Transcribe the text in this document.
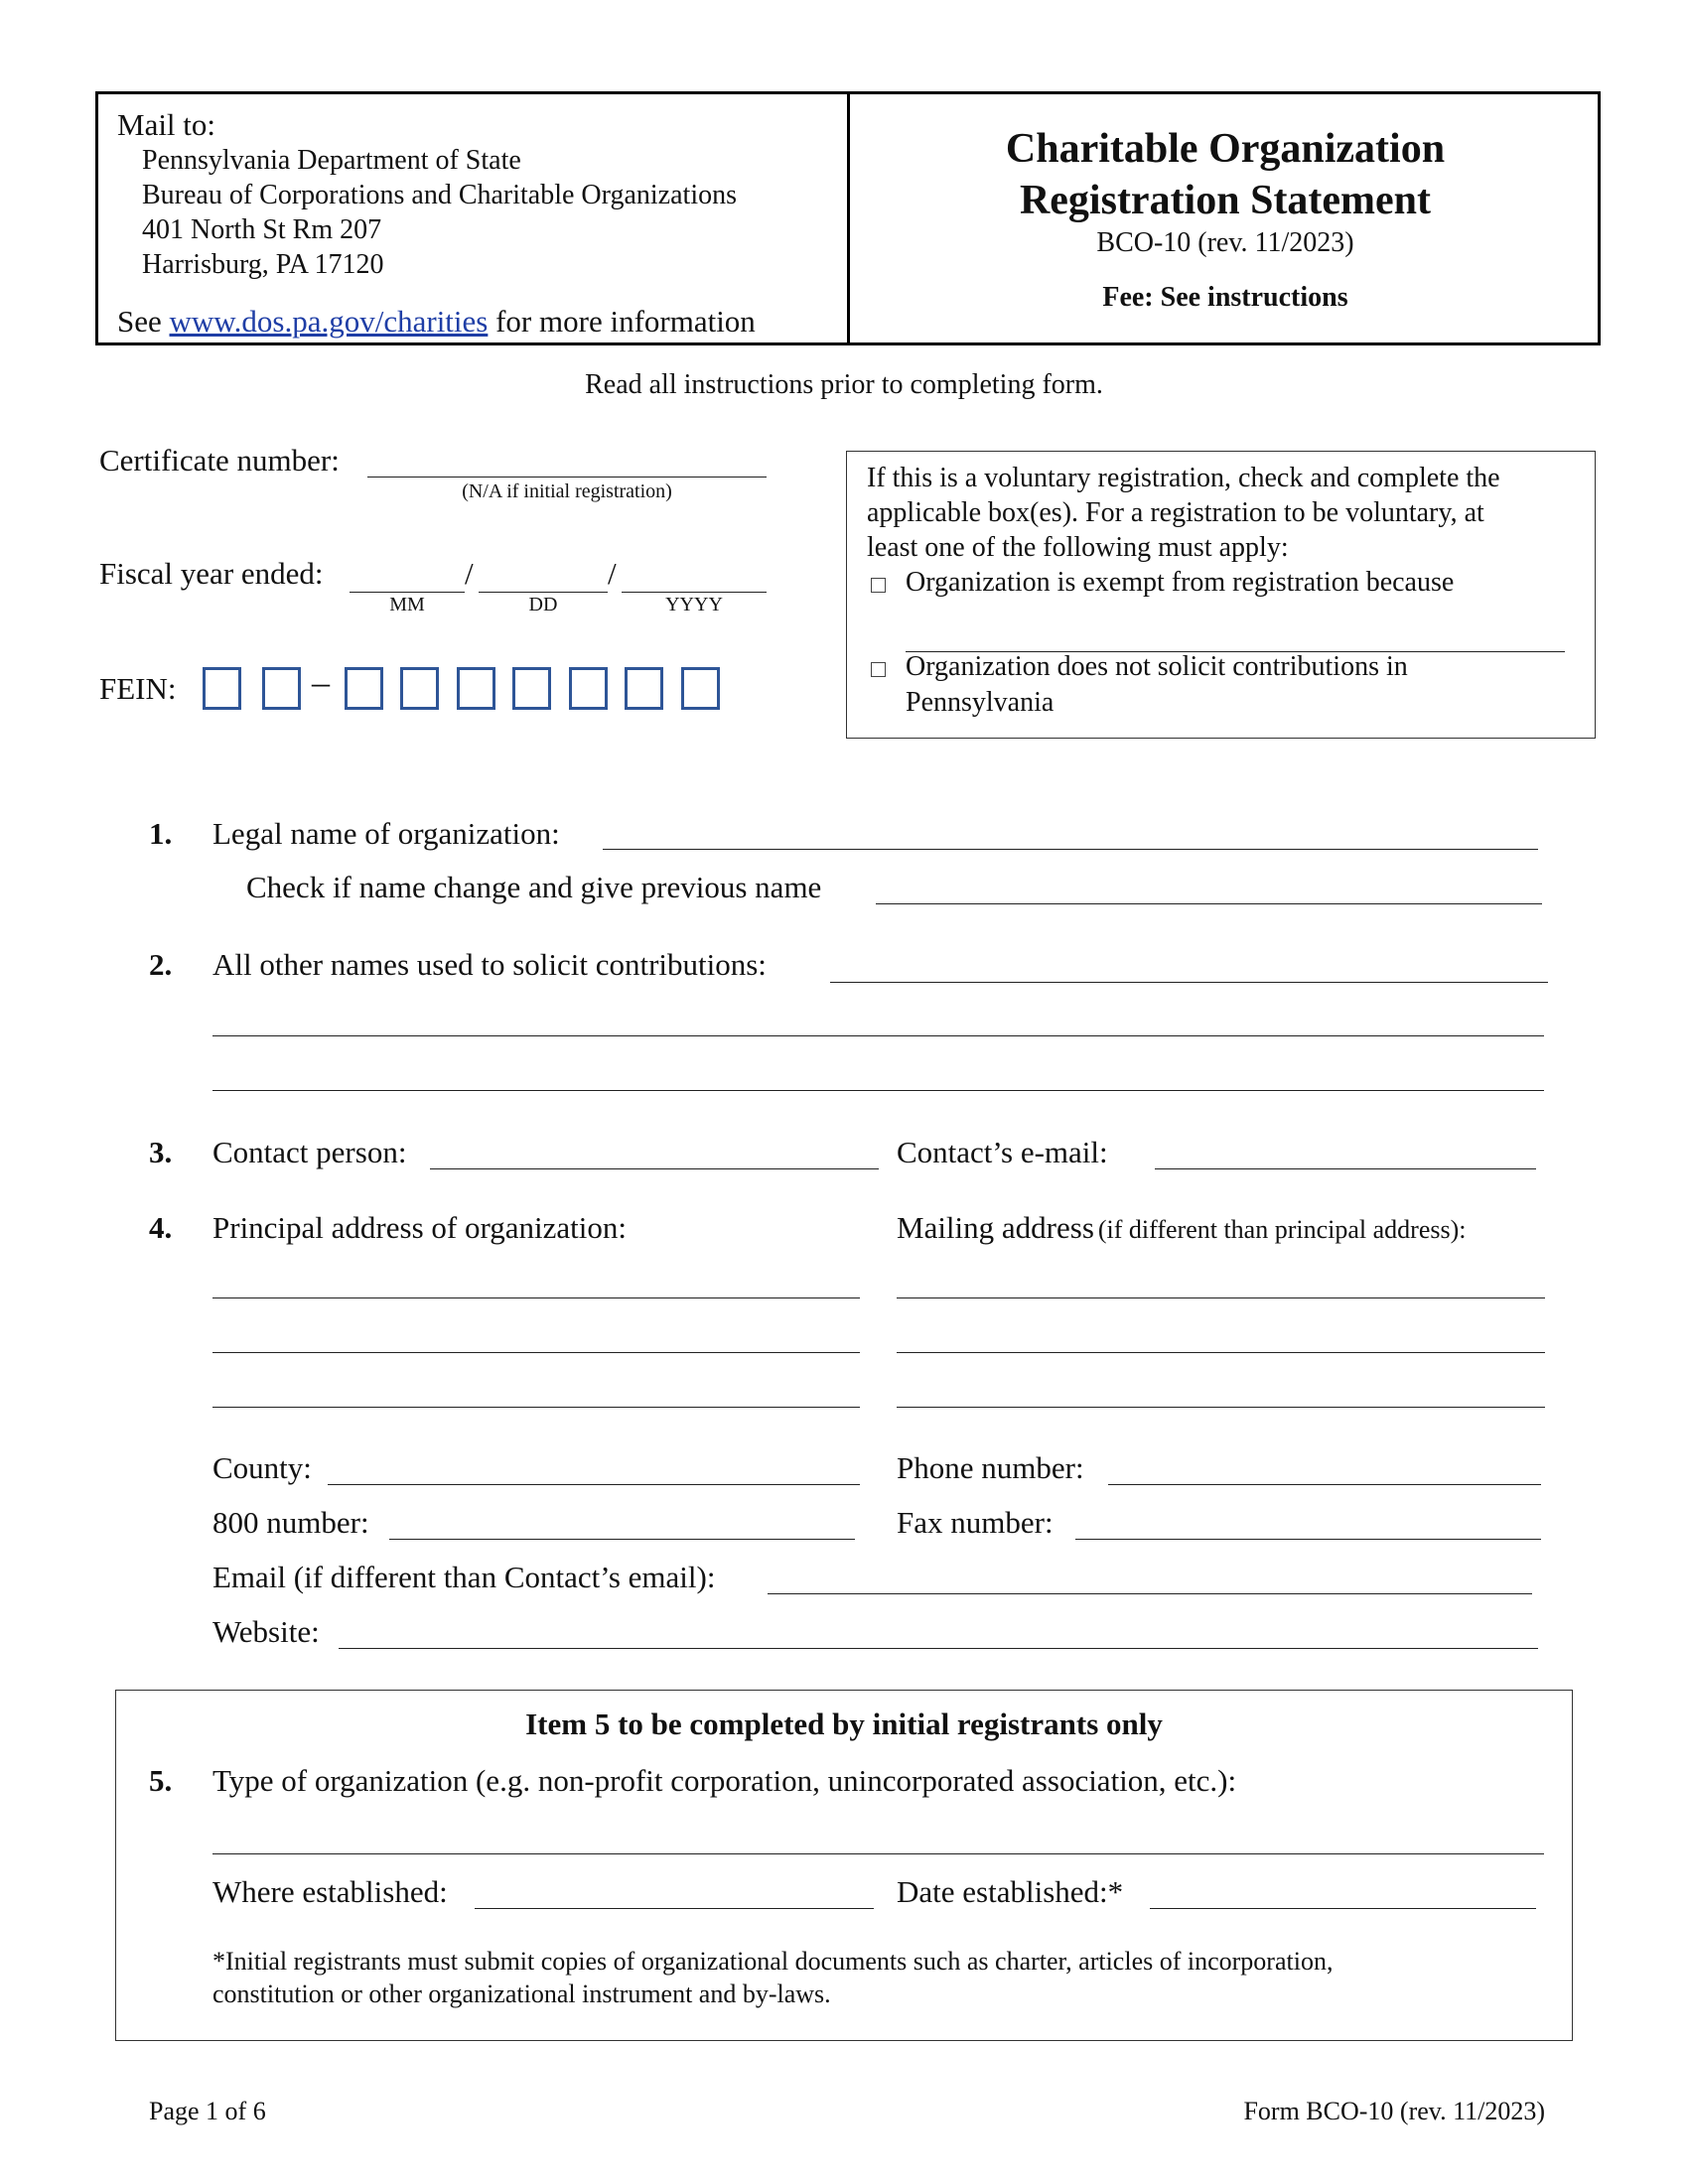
Mail to:
Pennsylvania Department of State
Bureau of Corporations and Charitable Organizations
401 North St Rm 207
Harrisburg, PA 17120
See www.dos.pa.gov/charities for more information
Charitable Organization
Registration Statement
BCO-10 (rev. 11/2023)
Fee: See instructions
Read all instructions prior to completing form.
Certificate number:
(N/A if initial registration)
Fiscal year ended:	/	/
MM	DD	YYYY
FEIN:	–
If this is a voluntary registration, check and complete the
applicable box(es). For a registration to be voluntary, at
least one of the following must apply:
Organization is exempt from registration because
Organization does not solicit contributions in
Pennsylvania
1. Legal name of organization:
Check if name change and give previous name
2. All other names used to solicit contributions:
3. Contact person:	Contact’s e-mail:
4. Principal address of organization:	Mailing address (if different than principal address):
County:	Phone number:
800 number:	Fax number:
Email (if different than Contact’s email):
Website:
Item 5 to be completed by initial registrants only
5. Type of organization (e.g. non-profit corporation, unincorporated association, etc.):
Where established:	Date established:*
*Initial registrants must submit copies of organizational documents such as charter, articles of incorporation,
constitution or other organizational instrument and by-laws.
Page 1 of 6	Form BCO-10 (rev. 11/2023)
